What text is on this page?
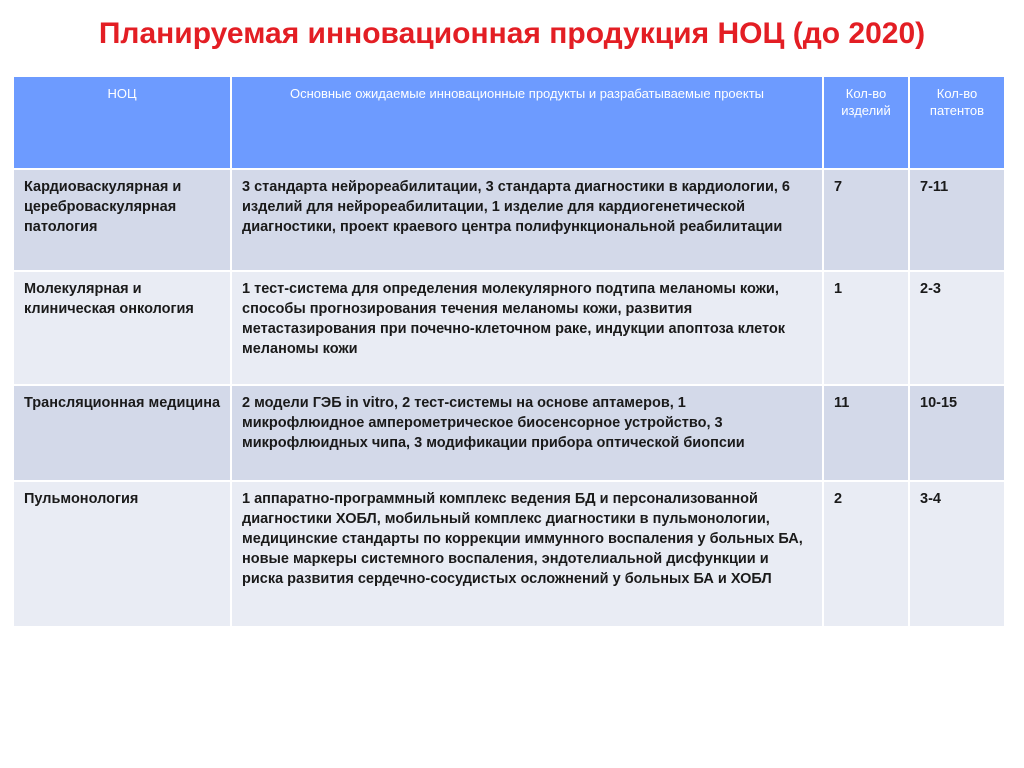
Планируемая инновационная продукция НОЦ (до 2020)
НОЦ	Основные ожидаемые инновационные продукты и разрабатываемые проекты	Кол-во изделий	Кол-во патентов
Кардиоваскулярная и цереброваскулярная патология	3 стандарта нейрореабилитации, 3 стандарта диагностики в кардиологии, 6 изделий для нейрореабилитации, 1 изделие для кардиогенетической диагностики, проект краевого центра полифункциональной реабилитации	7	7-11
Молекулярная и клиническая онкология	1 тест-система для определения молекулярного подтипа меланомы кожи, способы прогнозирования течения меланомы кожи, развития метастазирования при почечно-клеточном раке, индукции апоптоза клеток меланомы кожи	1	2-3
Трансляционная медицина	2 модели ГЭБ in vitro, 2 тест-системы на основе аптамеров, 1 микрофлюидное амперометрическое биосенсорное устройство, 3 микрофлюидных чипа, 3 модификации прибора оптической биопсии	11	10-15
Пульмонология	1 аппаратно-программный комплекс ведения БД и персонализованной диагностики ХОБЛ, мобильный комплекс диагностики в пульмонологии, медицинские стандарты по коррекции иммунного воспаления у больных БА, новые маркеры системного воспаления, эндотелиальной дисфункции и риска развития сердечно-сосудистых осложнений у больных БА и ХОБЛ	2	3-4
